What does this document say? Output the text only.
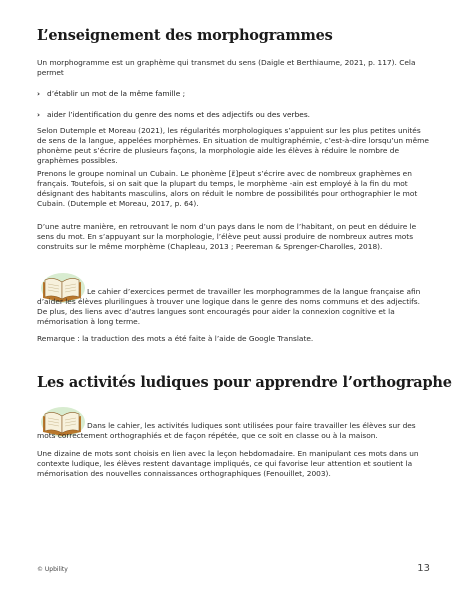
L’enseignement des morphogrammes

Un morphogramme est un graphème qui transmet du sens (Daigle et Berthiaume, 2021, p. 117). Cela permet

› d’établir un mot de la même famille ;
› aider l’identification du genre des noms et des adjectifs ou des verbes.

Selon Dutemple et Moreau (2021), les régularités morphologiques s’appuient sur les plus petites unités de sens de la langue, appelées morphèmes. En situation de multigraphémie, c’est-à-dire lorsqu’un même phonème peut s’écrire de plusieurs façons, la morphologie aide les élèves à réduire le nombre de graphèmes possibles.

Prenons le groupe nominal un Cubain. Le phonème [ɛ̃]peut s’écrire avec de nombreux graphèmes en français. Toutefois, si on sait que la plupart du temps, le morphème -ain est employé à la fin du mot désignant des habitants masculins, alors on réduit le nombre de possibilités pour orthographier le mot Cubain. (Dutemple et Moreau, 2017, p. 64).

D’une autre manière, en retrouvant le nom d’un pays dans le nom de l’habitant, on peut en déduire le sens du mot. En s’appuyant sur la morphologie, l’élève peut aussi produire de nombreux autres mots construits sur le même morphème (Chapleau, 2013 ; Peereman & Sprenger-Charolles, 2018).

Le cahier d’exercices permet de travailler les morphogrammes de la langue française afin d’aider les élèves plurilingues à trouver une logique dans le genre des noms communs et des adjectifs. De plus, des liens avec d’autres langues sont encouragés pour aider la connexion cognitive et la mémorisation à long terme.

Remarque : la traduction des mots a été faite à l’aide de Google Translate.

Les activités ludiques pour apprendre l’orthographe

Dans le cahier, les activités ludiques sont utilisées pour faire travailler les élèves sur des mots correctement orthographiés et de façon répétée, que ce soit en classe ou à la maison.

Une dizaine de mots sont choisis en lien avec la leçon hebdomadaire. En manipulant ces mots dans un contexte ludique, les élèves restent davantage impliqués, ce qui favorise leur attention et soutient la mémorisation des nouvelles connaissances orthographiques (Fenouillet, 2003).

© Upbility	13
